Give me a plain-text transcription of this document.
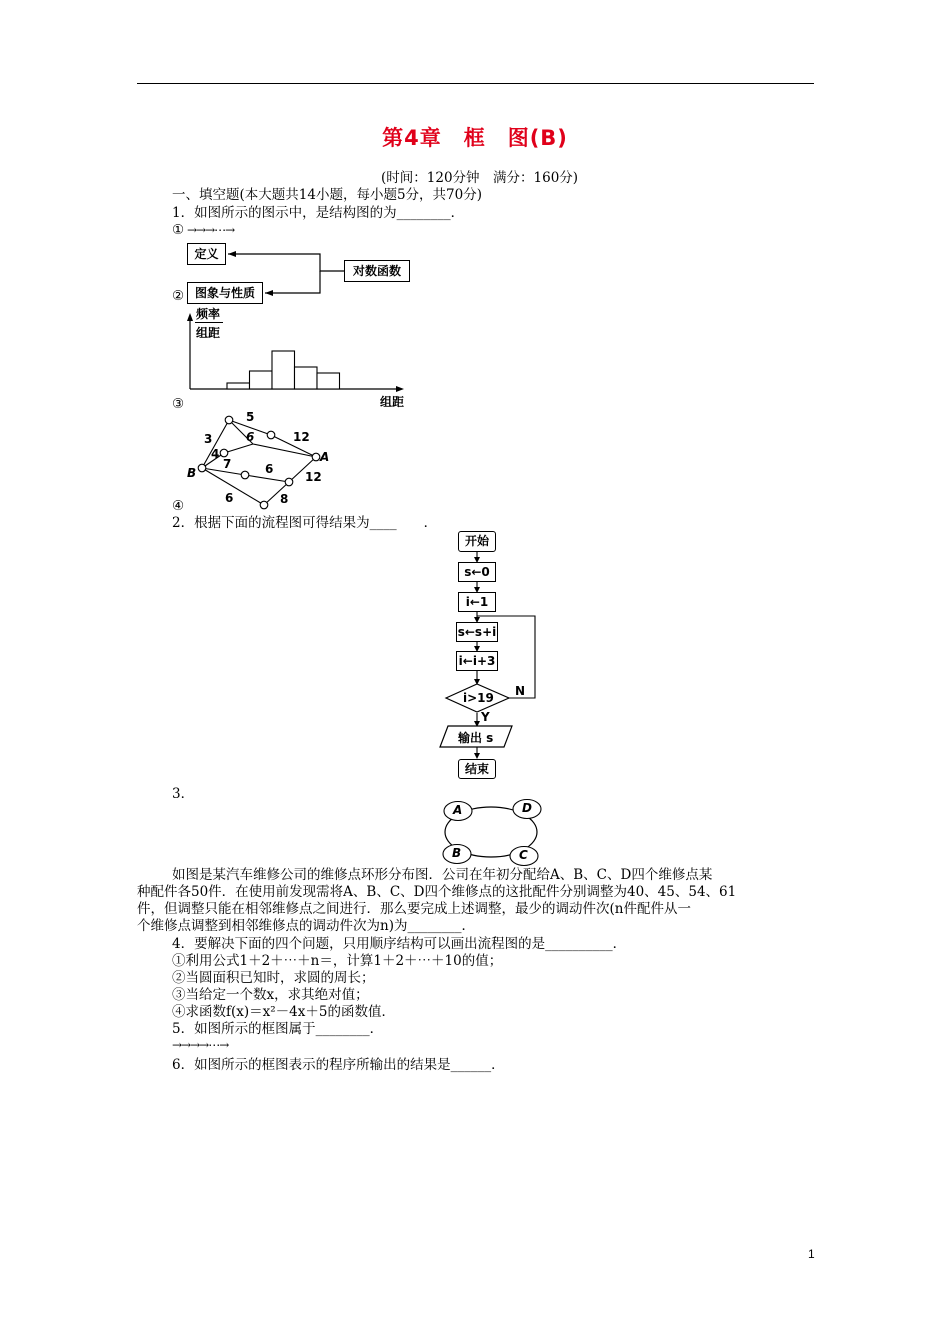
第4章　框　图(B)
(时间：120分钟　满分：160分)
一、填空题(本大题共14小题，每小题5分，共70分)
1．如图所示的图示中，是结构图的为________．
① →→→⋯→
定义
对数函数
图象与性质
②
频率
组距
组距
③
5
3	6	12
4
7	6
A
B	12
6	8
④
2．根据下面的流程图可得结果为____　　．
开始
s←0
i←1
s←s+i
i←i+3
i>19 N
Y
输出 s
结束
3．
A	D
B	C
如图是某汽车维修公司的维修点环形分布图．公司在年初分配给A、B、C、D四个维修点某
种配件各50件．在使用前发现需将A、B、C、D四个维修点的这批配件分别调整为40、45、54、61
件，但调整只能在相邻维修点之间进行．那么要完成上述调整，最少的调动件次(n件配件从一
个维修点调整到相邻维修点的调动件次为n)为________．
4．要解决下面的四个问题，只用顺序结构可以画出流程图的是__________．
①利用公式1＋2＋⋯＋n＝，计算1＋2＋⋯＋10的值；
②当圆面积已知时，求圆的周长；
③当给定一个数x，求其绝对值；
④求函数f(x)＝x²－4x＋5的函数值．
5．如图所示的框图属于________．
→→→→⋯→
6．如图所示的框图表示的程序所输出的结果是______．
1
